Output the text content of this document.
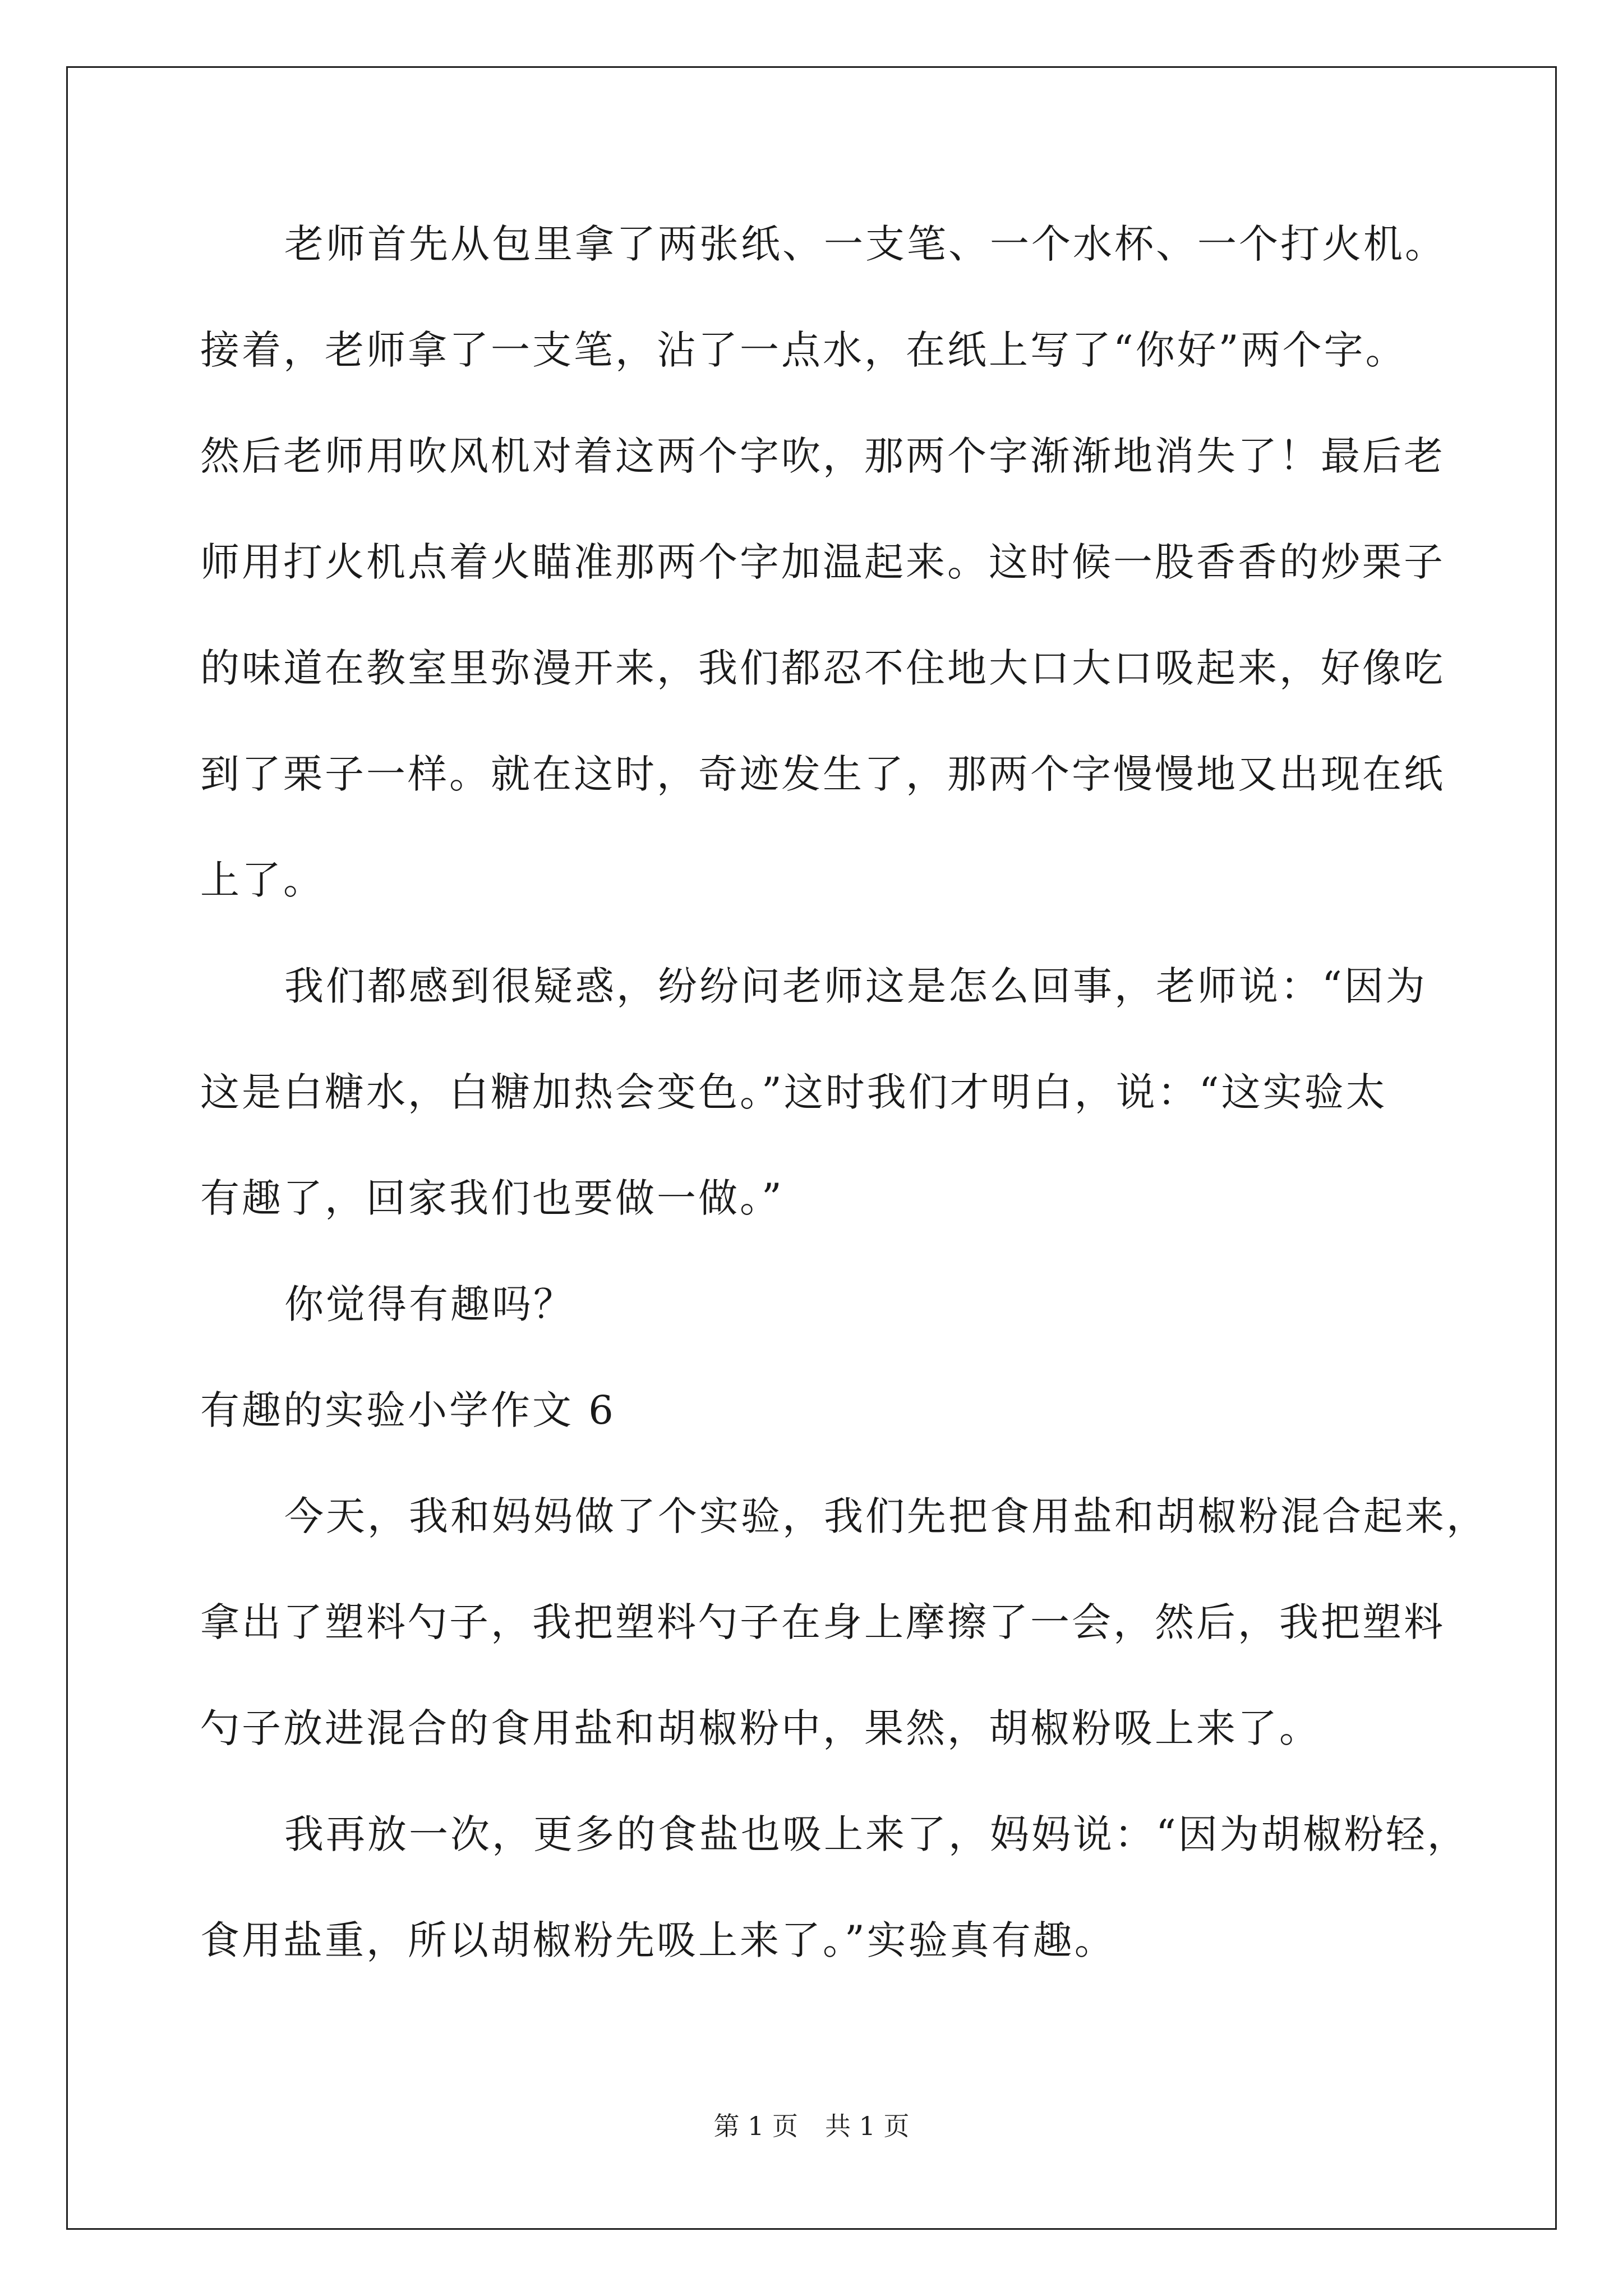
老师首先从包里拿了两张纸、一支笔、一个水杯、一个打火机。
接着，老师拿了一支笔，沾了一点水，在纸上写了“你好”两个字。
然后老师用吹风机对着这两个字吹，那两个字渐渐地消失了！最后老
师用打火机点着火瞄准那两个字加温起来。这时候一股香香的炒栗子
的味道在教室里弥漫开来，我们都忍不住地大口大口吸起来，好像吃
到了栗子一样。就在这时，奇迹发生了，那两个字慢慢地又出现在纸
上了。
我们都感到很疑惑，纷纷问老师这是怎么回事，老师说：“因为
这是白糖水，白糖加热会变色。”这时我们才明白，说：“这实验太
有趣了，回家我们也要做一做。”
你觉得有趣吗？
有趣的实验小学作文 6
今天，我和妈妈做了个实验，我们先把食用盐和胡椒粉混合起来，
拿出了塑料勺子，我把塑料勺子在身上摩擦了一会，然后，我把塑料
勺子放进混合的食用盐和胡椒粉中，果然，胡椒粉吸上来了。
我再放一次，更多的食盐也吸上来了，妈妈说：“因为胡椒粉轻，
食用盐重，所以胡椒粉先吸上来了。”实验真有趣。
第 1 页 共 1 页
